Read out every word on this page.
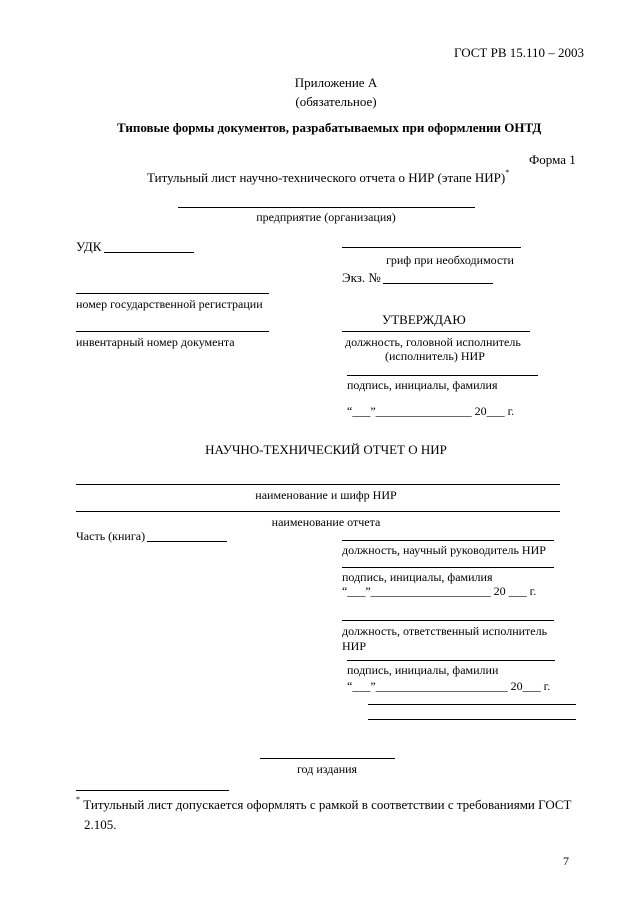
ГОСТ РВ 15.110 – 2003
Приложение А
(обязательное)
Типовые формы документов, разрабатываемых при оформлении ОНТД
Форма 1
Титульный лист научно-технического отчета о НИР (этапе НИР)*
предприятие (организация)
УДК
гриф при необходимости
Экз. №
номер государственной регистрации
УТВЕРЖДАЮ
инвентарный номер документа	должность, головной исполнитель
(исполнитель) НИР
подпись, инициалы, фамилия
“___”________________ 20___ г.
НАУЧНО-ТЕХНИЧЕСКИЙ ОТЧЕТ О НИР
наименование и шифр НИР
наименование отчета
Часть (книга)
должность, научный руководитель НИР
подпись, инициалы, фамилия
“___”____________________ 20 ___ г.
должность, ответственный исполнитель
НИР
подпись, инициалы, фамилии
“___”______________________ 20___ г.
год издания
* Титульный лист допускается оформлять с рамкой в соответствии с требованиями ГОСТ
2.105.
7
